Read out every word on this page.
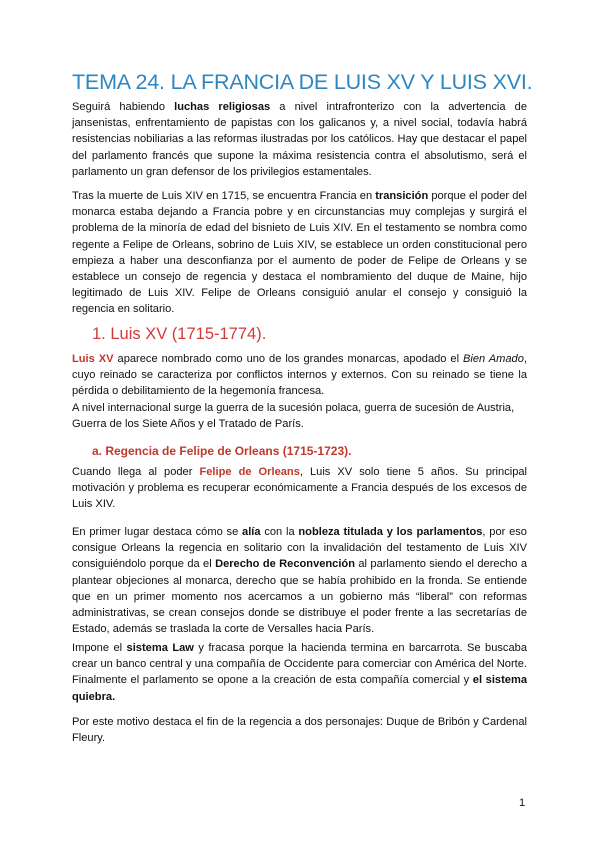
TEMA 24. LA FRANCIA DE LUIS XV Y LUIS XVI.

Seguirá habiendo luchas religiosas a nivel intrafronterizo con la advertencia de jansenistas, enfrentamiento de papistas con los galicanos y, a nivel social, todavía habrá resistencias nobiliarias a las reformas ilustradas por los católicos. Hay que destacar el papel del parlamento francés que supone la máxima resistencia contra el absolutismo, será el parlamento un gran defensor de los privilegios estamentales.

Tras la muerte de Luis XIV en 1715, se encuentra Francia en transición porque el poder del monarca estaba dejando a Francia pobre y en circunstancias muy complejas y surgirá el problema de la minoría de edad del bisnieto de Luis XIV. En el testamento se nombra como regente a Felipe de Orleans, sobrino de Luis XIV, se establece un orden constitucional pero empieza a haber una desconfianza por el aumento de poder de Felipe de Orleans y se establece un consejo de regencia y destaca el nombramiento del duque de Maine, hijo legitimado de Luis XIV. Felipe de Orleans consiguió anular el consejo y consiguió la regencia en solitario.

1. Luis XV (1715-1774).

Luis XV aparece nombrado como uno de los grandes monarcas, apodado el Bien Amado, cuyo reinado se caracteriza por conflictos internos y externos. Con su reinado se tiene la pérdida o debilitamiento de la hegemonía francesa.

A nivel internacional surge la guerra de la sucesión polaca, guerra de sucesión de Austria, Guerra de los Siete Años y el Tratado de París.

a. Regencia de Felipe de Orleans (1715-1723).

Cuando llega al poder Felipe de Orleans, Luis XV solo tiene 5 años. Su principal motivación y problema es recuperar económicamente a Francia después de los excesos de Luis XIV.

En primer lugar destaca cómo se alía con la nobleza titulada y los parlamentos, por eso consigue Orleans la regencia en solitario con la invalidación del testamento de Luis XIV consiguiéndolo porque da el Derecho de Reconvención al parlamento siendo el derecho a plantear objeciones al monarca, derecho que se había prohibido en la fronda. Se entiende que en un primer momento nos acercamos a un gobierno más “liberal” con reformas administrativas, se crean consejos donde se distribuye el poder frente a las secretarías de Estado, además se traslada la corte de Versalles hacia París.

Impone el sistema Law y fracasa porque la hacienda termina en barcarrota. Se buscaba crear un banco central y una compañía de Occidente para comerciar con América del Norte. Finalmente el parlamento se opone a la creación de esta compañía comercial y el sistema quiebra.

Por este motivo destaca el fin de la regencia a dos personajes: Duque de Bribón y Cardenal Fleury.

1
